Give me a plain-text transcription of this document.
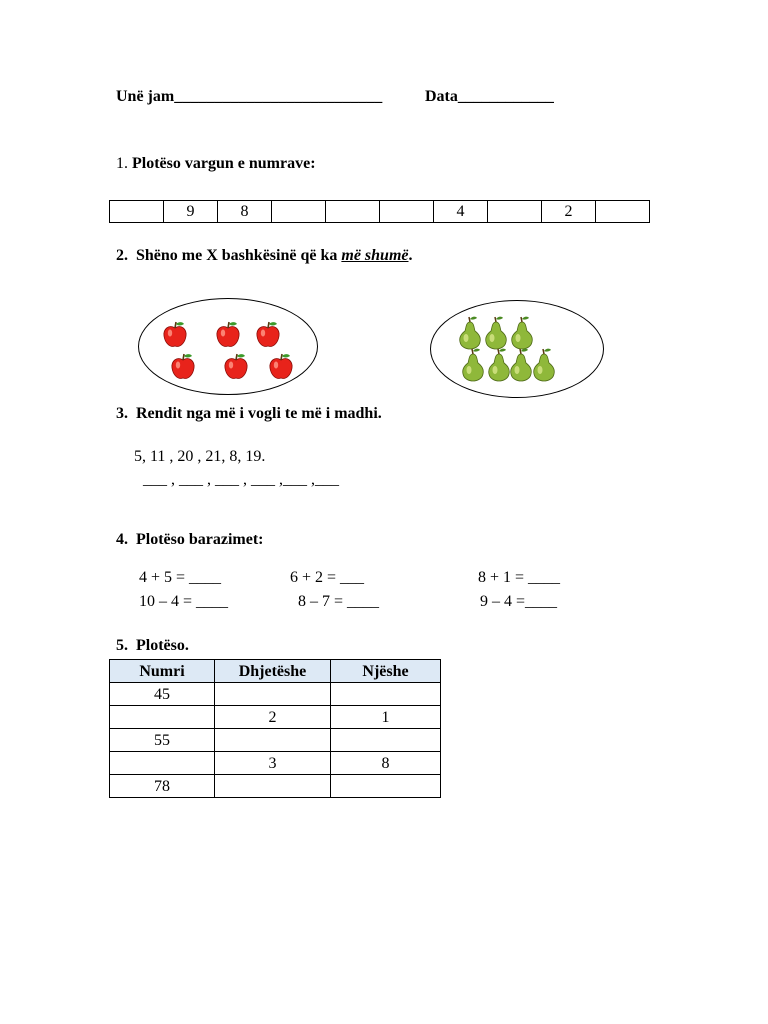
Unë jam__________________________	Data____________
1. Plotëso vargun e numrave:
	9	8				4		2	
2. Shëno me X bashkësinë që ka më shumë.
3. Rendit nga më i vogli te më i madhi.
5, 11 , 20 , 21, 8, 19.
___ , ___ , ___ , ___ ,___ ,___
4. Plotëso barazimet:
4 + 5 = ____	6 + 2 = ___	8 + 1 = ____
10 – 4 = ____	8 – 7 = ____	9 – 4 =____
5. Plotëso.
Numri	Dhjetëshe	Njëshe
45		
	2	1
55		
	3	8
78		
